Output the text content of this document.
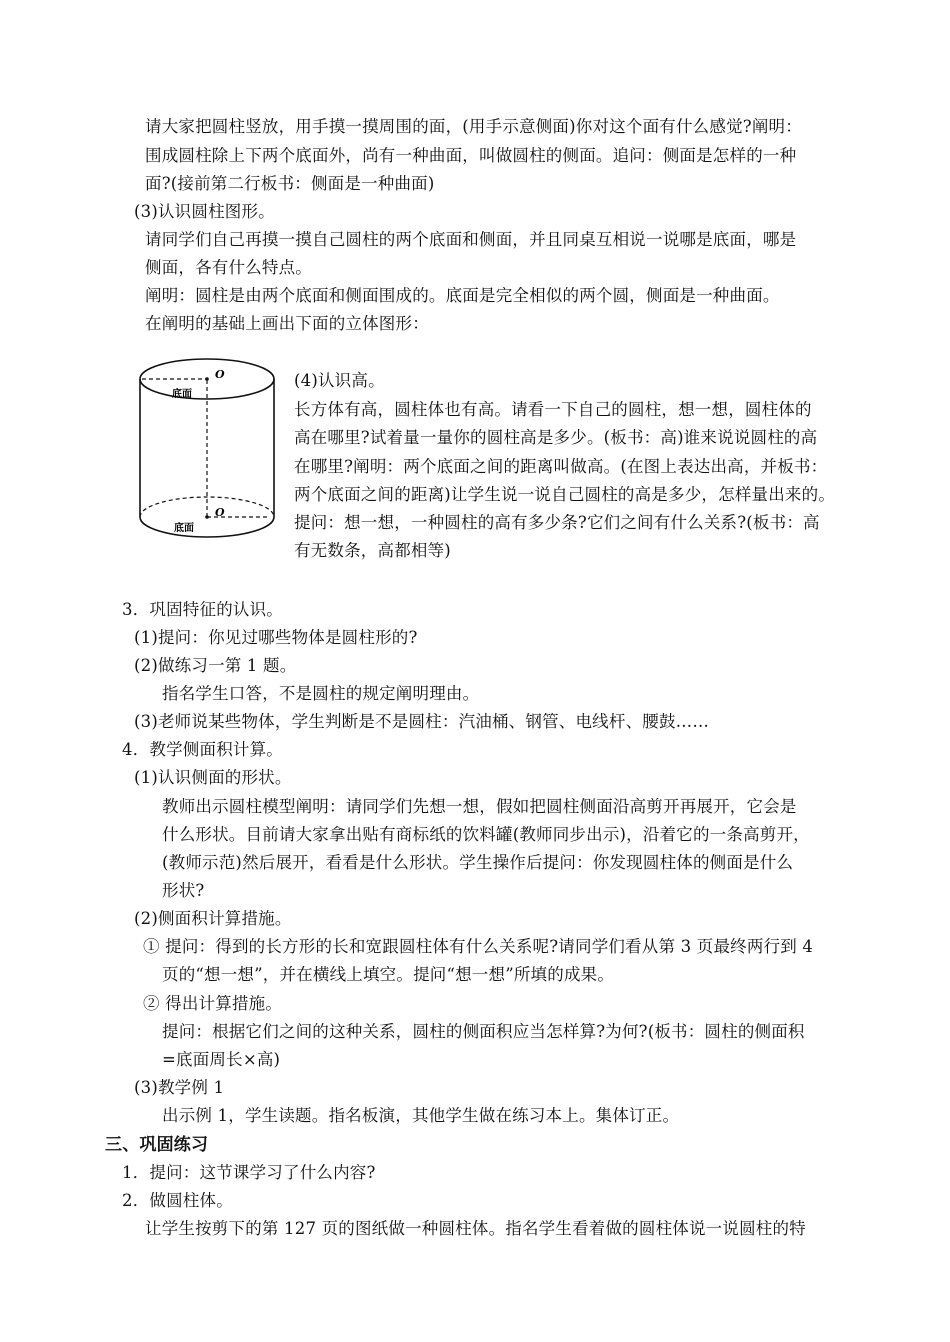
请大家把圆柱竖放，用手摸一摸周围的面，(用手示意侧面)你对这个面有什么感觉?阐明：
围成圆柱除上下两个底面外，尚有一种曲面，叫做圆柱的侧面。追问：侧面是怎样的一种
面?(接前第二行板书：侧面是一种曲面)
(3)认识圆柱图形。
请同学们自己再摸一摸自己圆柱的两个底面和侧面，并且同桌互相说一说哪是底面，哪是
侧面，各有什么特点。
阐明：圆柱是由两个底面和侧面围成的。底面是完全相似的两个圆，侧面是一种曲面。
在阐明的基础上画出下面的立体图形：
O
底面
O
底面
(4)认识高。
长方体有高，圆柱体也有高。请看一下自己的圆柱，想一想，圆柱体的
高在哪里?试着量一量你的圆柱高是多少。(板书：高)谁来说说圆柱的高
在哪里?阐明：两个底面之间的距离叫做高。(在图上表达出高，并板书：
两个底面之间的距离)让学生说一说自己圆柱的高是多少，怎样量出来的。
提问：想一想，一种圆柱的高有多少条?它们之间有什么关系?(板书：高
有无数条，高都相等)
3．巩固特征的认识。
(1)提问：你见过哪些物体是圆柱形的?
(2)做练习一第 1 题。
指名学生口答，不是圆柱的规定阐明理由。
(3)老师说某些物体，学生判断是不是圆柱：汽油桶、钢管、电线杆、腰鼓……
4．教学侧面积计算。
(1)认识侧面的形状。
教师出示圆柱模型阐明：请同学们先想一想，假如把圆柱侧面沿高剪开再展开，它会是
什么形状。目前请大家拿出贴有商标纸的饮料罐(教师同步出示)，沿着它的一条高剪开，
(教师示范)然后展开，看看是什么形状。学生操作后提问：你发现圆柱体的侧面是什么
形状?
(2)侧面积计算措施。
① 提问：得到的长方形的长和宽跟圆柱体有什么关系呢?请同学们看从第 3 页最终两行到 4
页的“想一想”，并在横线上填空。提问“想一想”所填的成果。
② 得出计算措施。
提问：根据它们之间的这种关系，圆柱的侧面积应当怎样算?为何?(板书：圆柱的侧面积
=底面周长×高)
(3)教学例 1
出示例 1，学生读题。指名板演，其他学生做在练习本上。集体订正。
三、巩固练习
1．提问：这节课学习了什么内容?
2．做圆柱体。
让学生按剪下的第 127 页的图纸做一种圆柱体。指名学生看着做的圆柱体说一说圆柱的特
